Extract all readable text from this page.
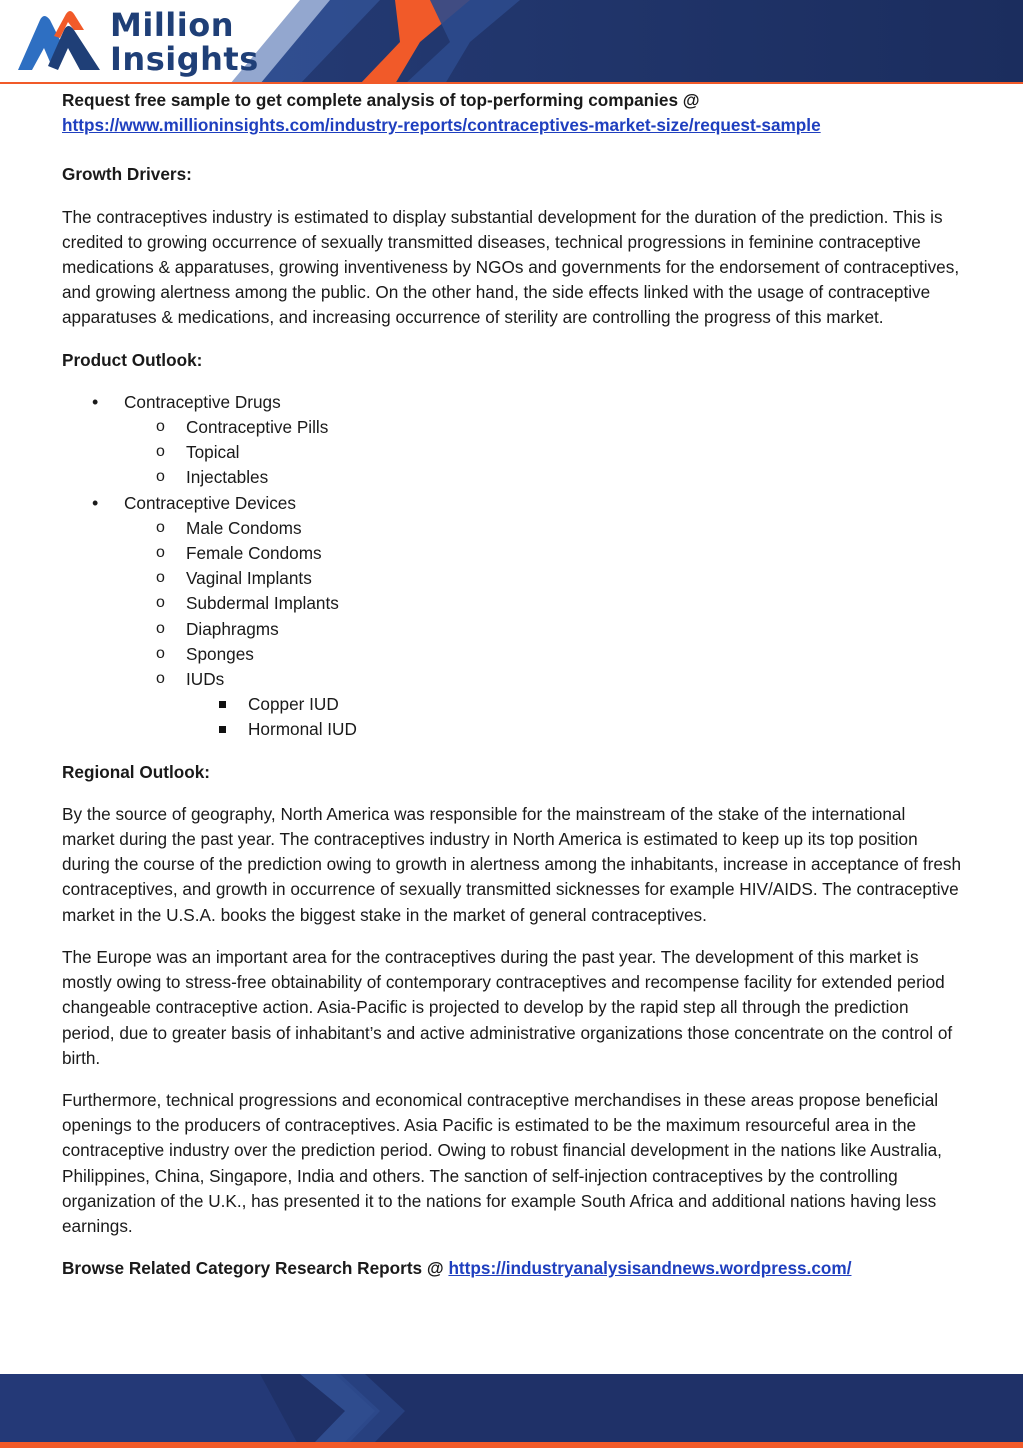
Million
Insights

Request free sample to get complete analysis of top-performing companies @

https://www.millioninsights.com/industry-reports/contraceptives-market-size/request-sample

Growth Drivers:

The contraceptives industry is estimated to display substantial development for the duration of the prediction. This is credited to growing occurrence of sexually transmitted diseases, technical progressions in feminine contraceptive medications & apparatuses, growing inventiveness by NGOs and governments for the endorsement of contraceptives, and growing alertness among the public. On the other hand, the side effects linked with the usage of contraceptive apparatuses & medications, and increasing occurrence of sterility are controlling the progress of this market.

Product Outlook:

• Contraceptive Drugs
o Contraceptive Pills
o Topical
o Injectables
• Contraceptive Devices
o Male Condoms
o Female Condoms
o Vaginal Implants
o Subdermal Implants
o Diaphragms
o Sponges
o IUDs
Copper IUD
Hormonal IUD

Regional Outlook:

By the source of geography, North America was responsible for the mainstream of the stake of the international market during the past year. The contraceptives industry in North America is estimated to keep up its top position during the course of the prediction owing to growth in alertness among the inhabitants, increase in acceptance of fresh contraceptives, and growth in occurrence of sexually transmitted sicknesses for example HIV/AIDS. The contraceptive market in the U.S.A. books the biggest stake in the market of general contraceptives.

The Europe was an important area for the contraceptives during the past year. The development of this market is mostly owing to stress-free obtainability of contemporary contraceptives and recompense facility for extended period changeable contraceptive action. Asia-Pacific is projected to develop by the rapid step all through the prediction period, due to greater basis of inhabitant’s and active administrative organizations those concentrate on the control of birth.

Furthermore, technical progressions and economical contraceptive merchandises in these areas propose beneficial openings to the producers of contraceptives. Asia Pacific is estimated to be the maximum resourceful area in the contraceptive industry over the prediction period. Owing to robust financial development in the nations like Australia, Philippines, China, Singapore, India and others. The sanction of self-injection contraceptives by the controlling organization of the U.K., has presented it to the nations for example South Africa and additional nations having less earnings.

Browse Related Category Research Reports @ https://industryanalysisandnews.wordpress.com/
